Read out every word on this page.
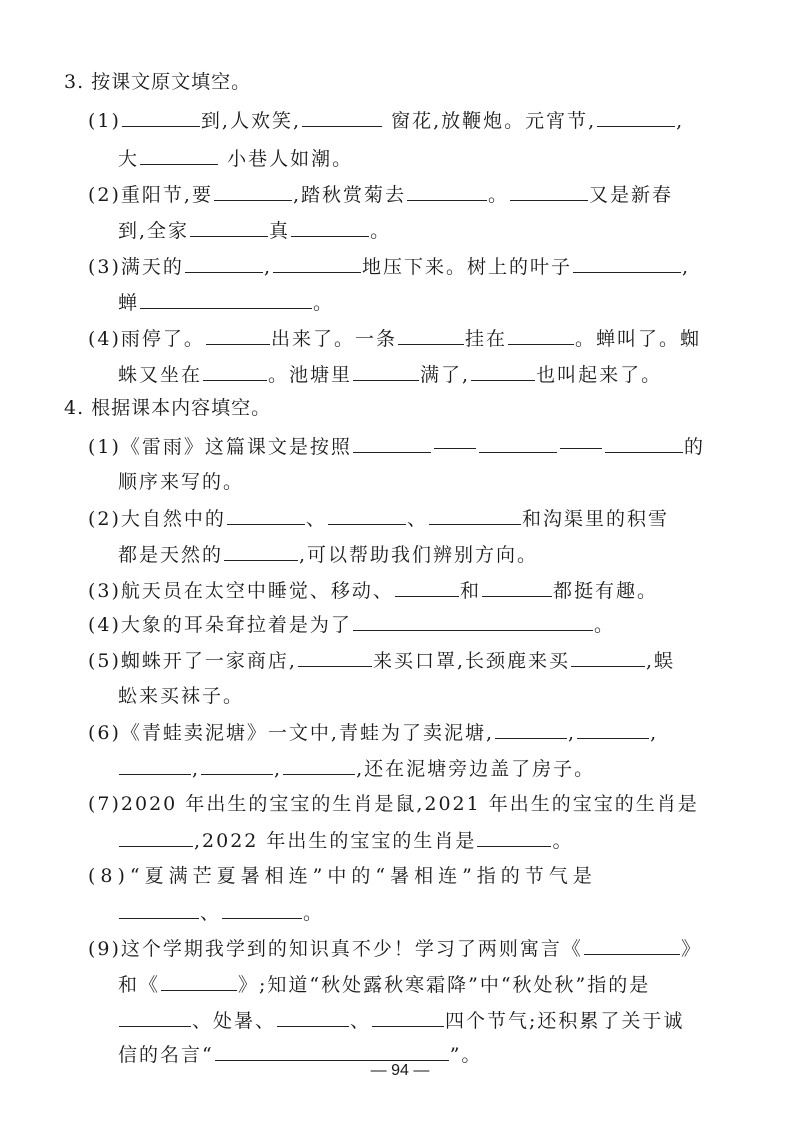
3. 按课文原文填空。
(1)	到,人欢笑,	窗花,放鞭炮。元宵节,	,
大	小巷人如潮。
(2)重阳节,要	,踏秋赏菊去	。	又是新春
到,全家	真	。
(3)满天的	,	地压下来。树上的叶子	,
蝉	。
(4)雨停了。	出来了。一条	挂在	。蝉叫了。蜘
蛛又坐在	。池塘里	满了,	也叫起来了。
4. 根据课本内容填空。
(1)《雷雨》这篇课文是按照	的
顺序来写的。
(2)大自然中的	、	、	和沟渠里的积雪
都是天然的	,可以帮助我们辨别方向。
(3)航天员在太空中睡觉、移动、	和	都挺有趣。
(4)大象的耳朵耷拉着是为了	。
(5)蜘蛛开了一家商店,	来买口罩,长颈鹿来买	,蜈
蚣来买袜子。
(6)《青蛙卖泥塘》一文中,青蛙为了卖泥塘,	,	,
,	,	,还在泥塘旁边盖了房子。
(7)2020 年出生的宝宝的生肖是鼠,2021 年出生的宝宝的生肖是
,2022 年出生的宝宝的生肖是	。
(8)“夏满芒夏暑相连”中的“暑相连”指的节气是
、	。
(9)这个学期我学到的知识真不少！学习了两则寓言《	》
和《	》;知道“秋处露秋寒霜降”中“秋处秋”指的是
、处暑、	、	四个节气;还积累了关于诚
信的名言“	”。
— 94 —
